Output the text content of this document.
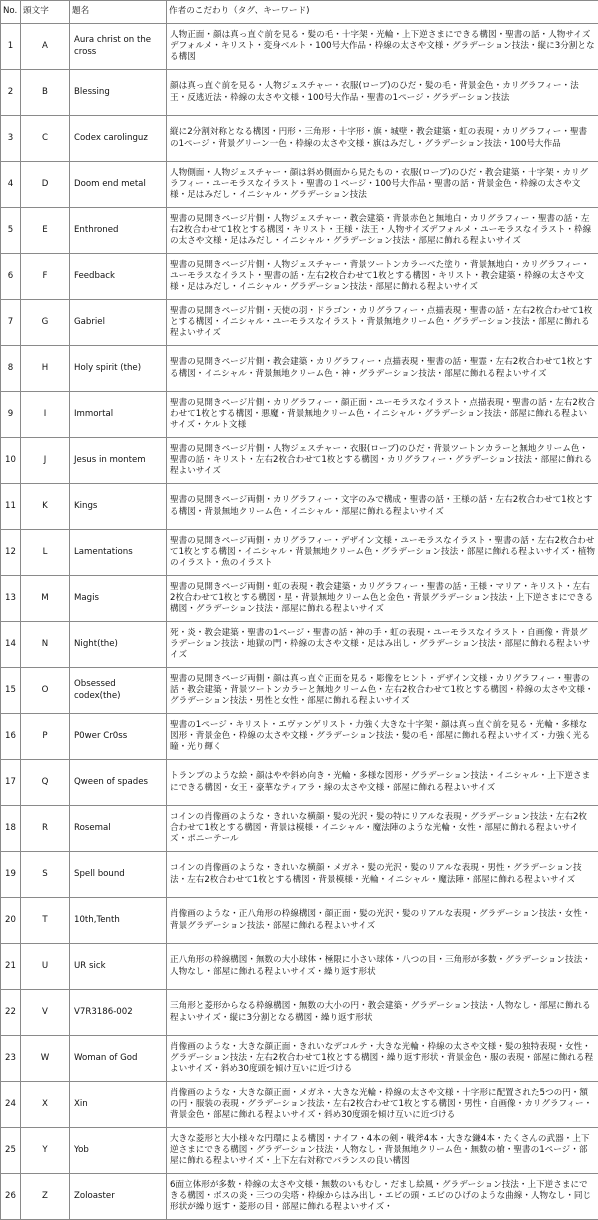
No.	頭文字	題名	作者のこだわり（タグ、キーワード)
1	A	Aura christ on the cross	人物正面・顔は真っ直ぐ前を見る・髪の毛・十字架・光輪・上下逆さまにできる構図・聖書の話・人物サイズデフォルメ・キリスト・変身ベルト・100号大作品・枠線の太さや文様・グラデーション技法・縦に3分割となる構図
2	B	Blessing	顔は真っ直ぐ前を見る・人物ジェスチャー・衣服(ローブ)のひだ・髪の毛・背景金色・カリグラフィー・法王・反逃近法・枠線の太さや文様・100号大作品・聖書の1ページ・グラデーション技法
3	C	Codex carolinguz	縦に2分割対称となる構図・円形・三角形・十字形・旗・城壁・教会建築・虹の表現・カリグラフィー・聖書の1ページ・背景グリーン一色・枠線の太さや文様・旗はみだし・グラデーション技法・100号大作品
4	D	Doom end metal	人物側面・人物ジェスチャー・顔は斜め側面から見たもの・衣服(ローブ)のひだ・教会建築・十字架・カリグラフィー・ユーモラスなイラスト・聖書の１ページ・100号大作品・聖書の話・背景金色・枠線の太さや文様・足はみだし・イニシャル・グラデーション技法
5	E	Enthroned	聖書の見開きページ片側・人物ジェスチャー・教会建築・背景赤色と無地白・カリグラフィー・聖書の話・左右2枚合わせて1枚とする構図・キリスト・王様・法王・人物サイズデフォルメ・ユーモラスなイラスト・枠線の太さや文様・足はみだし・イニシャル・グラデーション技法・部屋に飾れる程よいサイズ
6	F	Feedback	聖書の見開きページ片側・人物ジェスチャー・背景ツートンカラーべた塗り・背景無地白・カリグラフィー・ユーモラスなイラスト・聖書の話・左右2枚合わせて1枚とする構図・キリスト・教会建築・枠線の太さや文様・足はみだし・イニシャル・グラデーション技法・部屋に飾れる程よいサイズ
7	G	Gabriel	聖書の見開きページ片側・天使の羽・ドラゴン・カリグラフィー・点描表現・聖書の話・左右2枚合わせて1枚とする構図・イニシャル・ユーモラスなイラスト・背景無地クリーム色・グラデーション技法・部屋に飾れる程よいサイズ
8	H	Holy spirit (the)	聖書の見開きページ片側・教会建築・カリグラフィー・点描表現・聖書の話・聖霊・左右2枚合わせて1枚とする構図・イニシャル・背景無地クリーム色・神・グラデーション技法・部屋に飾れる程よいサイズ
9	I	Immortal	聖書の見開きページ片側・カリグラフィー・顔正面・ユーモラスなイラスト・点描表現・聖書の話・左右2枚合わせて1枚とする構図・悪魔・背景無地クリーム色・イニシャル・グラデーション技法・部屋に飾れる程よいサイズ・ケルト文様
10	J	Jesus in montem	聖書の見開きページ片側・人物ジェスチャー・衣服(ローブ)のひだ・背景ツートンカラーと無地クリーム色・聖書の話・キリスト・左右2枚合わせて1枚とする構図・カリグラフィー・グラデーション技法・部屋に飾れる程よいサイズ
11	K	Kings	聖書の見開きページ両側・カリグラフィー・文字のみで構成・聖書の話・王様の話・左右2枚合わせて1枚とする構図・背景無地クリーム色・イニシャル・部屋に飾れる程よいサイズ
12	L	Lamentations	聖書の見開きページ両側・カリグラフィー・デザイン文様・ユーモラスなイラスト・聖書の話・左右2枚合わせて1枚とする構図・イニシャル・背景無地クリーム色・グラデーション技法・部屋に飾れる程よいサイズ・植物のイラスト・魚のイラスト
13	M	Magis	聖書の見開きページ両側・虹の表現・教会建築・カリグラフィー・聖書の話・王様・マリア・キリスト・左右2枚合わせて1枚とする構図・星・背景無地クリーム色と金色・背景グラデーション技法・上下逆さまにできる構図・グラデーション技法・部屋に飾れる程よいサイズ
14	N	Night(the)	死・炎・教会建築・聖書の1ページ・聖書の話・神の手・虹の表現・ユーモラスなイラスト・自画像・背景グラデーション技法・地獄の門・枠線の太さや文様・足はみ出し・グラデーション技法・部屋に飾れる程よいサイズ
15	O	Obsessed codex(the)	聖書の見開きページ両側・顔は真っ直ぐ正面を見る・彫像をヒント・デザイン文様・カリグラフィー・聖書の話・教会建築・背景ツートンカラーと無地クリーム色・左右2枚合わせて1枚とする構図・枠線の太さや文様・グラデーション技法・男性と女性・部屋に飾れる程よいサイズ
16	P	P0wer Cr0ss	聖書の1ページ・キリスト・エヴァンゲリスト・力強く大きな十字架・顔は真っ直ぐ前を見る・光輪・多様な図形・背景金色・枠線の太さや文様・グラデーション技法・髪の毛・部屋に飾れる程よいサイズ・力強く光る瞳・光り輝く
17	Q	Qween of spades	トランプのような絵・顔はやや斜め向き・光輪・多様な図形・グラデーション技法・イニシャル・上下逆さまにできる構図・女王・豪華なティアラ・線の太さや文様・部屋に飾れる程よいサイズ
18	R	Rosemal	コインの肖像画のような・きれいな横顔・髪の光沢・髪の特にリアルな表現・グラデーション技法・左右2枚合わせて1枚とする構図・背景は模様・イニシャル・魔法陣のような光輪・女性・部屋に飾れる程よいサイズ・ポニーテール
19	S	Spell bound	コインの肖像画のような・きれいな横顔・メガネ・髪の光沢・髪のリアルな表現・男性・グラデーション技法・左右2枚合わせて1枚とする構図・背景模様・光輪・イニシャル・魔法陣・部屋に飾れる程よいサイズ
20	T	10th,Tenth	肖像画のような・正八角形の枠線構図・顔正面・髪の光沢・髪のリアルな表現・グラデーション技法・女性・背景グラデーション技法・部屋に飾れる程よいサイズ
21	U	UR sick	正八角形の枠線構図・無数の大小球体・極限に小さい球体・八つの目・三角形が多数・グラデーション技法・人物なし・部屋に飾れる程よいサイズ・繰り返す形状
22	V	V7R3186-002	三角形と菱形からなる枠線構図・無数の大小の円・教会建築・グラデーション技法・人物なし・部屋に飾れる程よいサイズ・縦に3分割となる構図・繰り返す形状
23	W	Woman of God	肖像画のような・大きな顔正面・きれいなデコルテ・大きな光輪・枠線の太さや文様・髪の独特表現・女性・グラデーション技法・左右2枚合わせて1枚とする構図・繰り返す形状・背景金色・服の表現・部屋に飾れる程よいサイズ・斜め30度頭を傾け互いに近づける
24	X	Xin	肖像画のような・大きな顔正面・メガネ・大きな光輪・枠線の太さや文様・十字形に配置された5つの円・額の円・服装の表現・グラデーション技法・左右2枚合わせて1枚とする構図・男性・自画像・カリグラフィー・背景金色・部屋に飾れる程よいサイズ・斜め30度頭を傾け互いに近づける
25	Y	Yob	大きな菱形と大小様々な円環による構図・ナイフ・4本の剣・戦斧4本・大きな鎌4本・たくさんの武器・上下逆さまにできる構図・グラデーション技法・人物なし・背景無地クリーム色・無数の槍・聖書の1ページ・部屋に飾れる程よいサイズ・上下左右対称でバランスの良い構図
26	Z	Zoloaster	6面立体形が多数・枠線の太さや文様・無数のいもむし・だまし絵風・グラデーション技法・上下逆さまにできる構図・ボスの炎・三つの尖塔・枠線からはみ出し・エビの頭・エビのひげのような曲線・人物なし・同じ形状が繰り返す・菱形の目・部屋に飾れる程よいサイズ・
